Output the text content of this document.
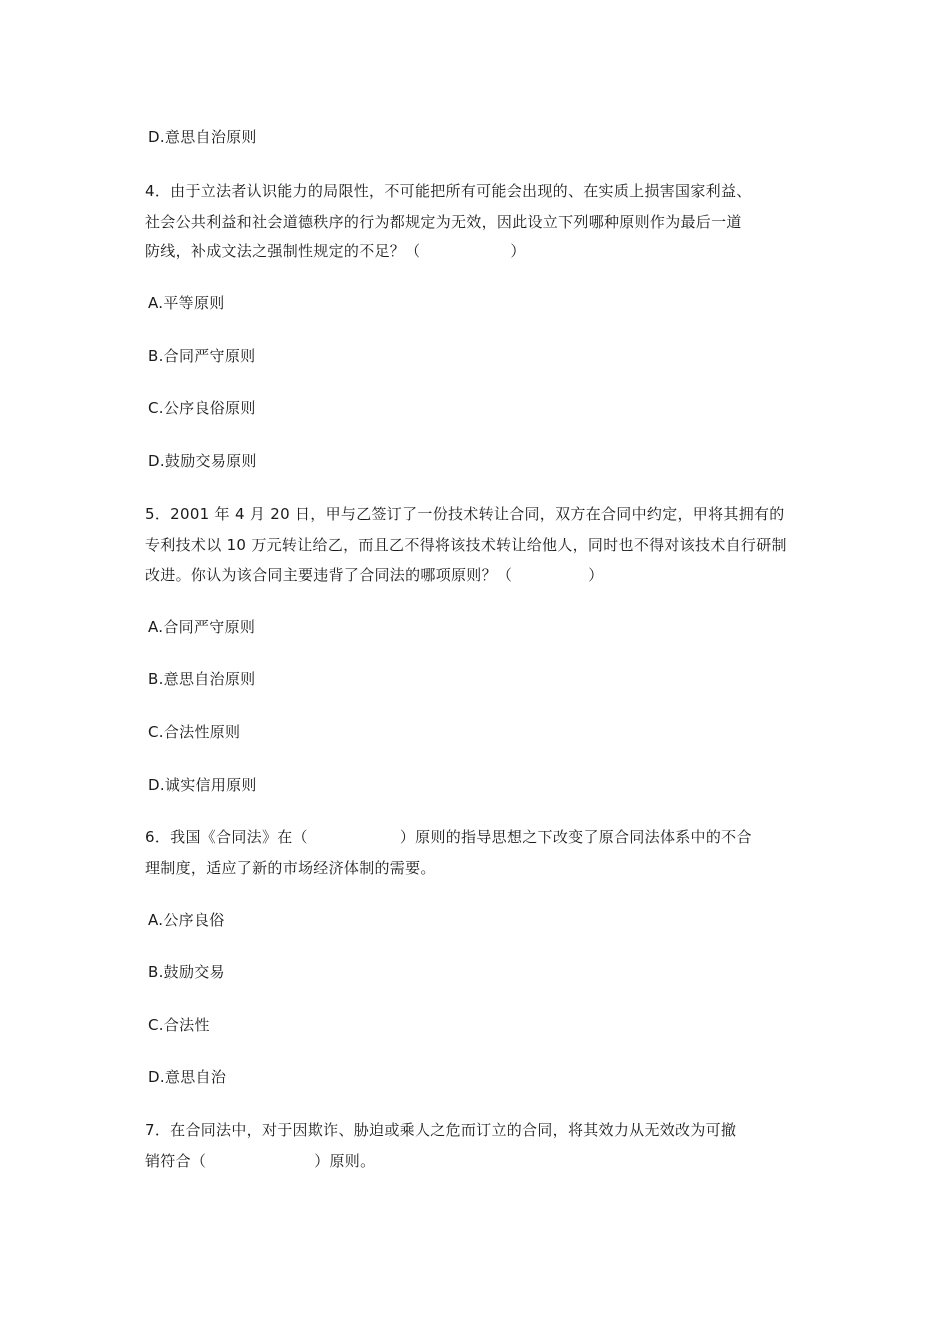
D.意思自治原则
4．由于立法者认识能力的局限性，不可能把所有可能会出现的、在实质上损害国家利益、
社会公共利益和社会道德秩序的行为都规定为无效，因此设立下列哪种原则作为最后一道
防线，补成文法之强制性规定的不足？（	）
A.平等原则
B.合同严守原则
C.公序良俗原则
D.鼓励交易原则
5．2001 年 4 月 20 日，甲与乙签订了一份技术转让合同，双方在合同中约定，甲将其拥有的
专利技术以 10 万元转让给乙，而且乙不得将该技术转让给他人，同时也不得对该技术自行研制
改进。你认为该合同主要违背了合同法的哪项原则？（	）
A.合同严守原则
B.意思自治原则
C.合法性原则
D.诚实信用原则
6．我国《合同法》在（	）原则的指导思想之下改变了原合同法体系中的不合
理制度，适应了新的市场经济体制的需要。
A.公序良俗
B.鼓励交易
C.合法性
D.意思自治
7．在合同法中，对于因欺诈、胁迫或乘人之危而订立的合同，将其效力从无效改为可撤
销符合（	）原则。
